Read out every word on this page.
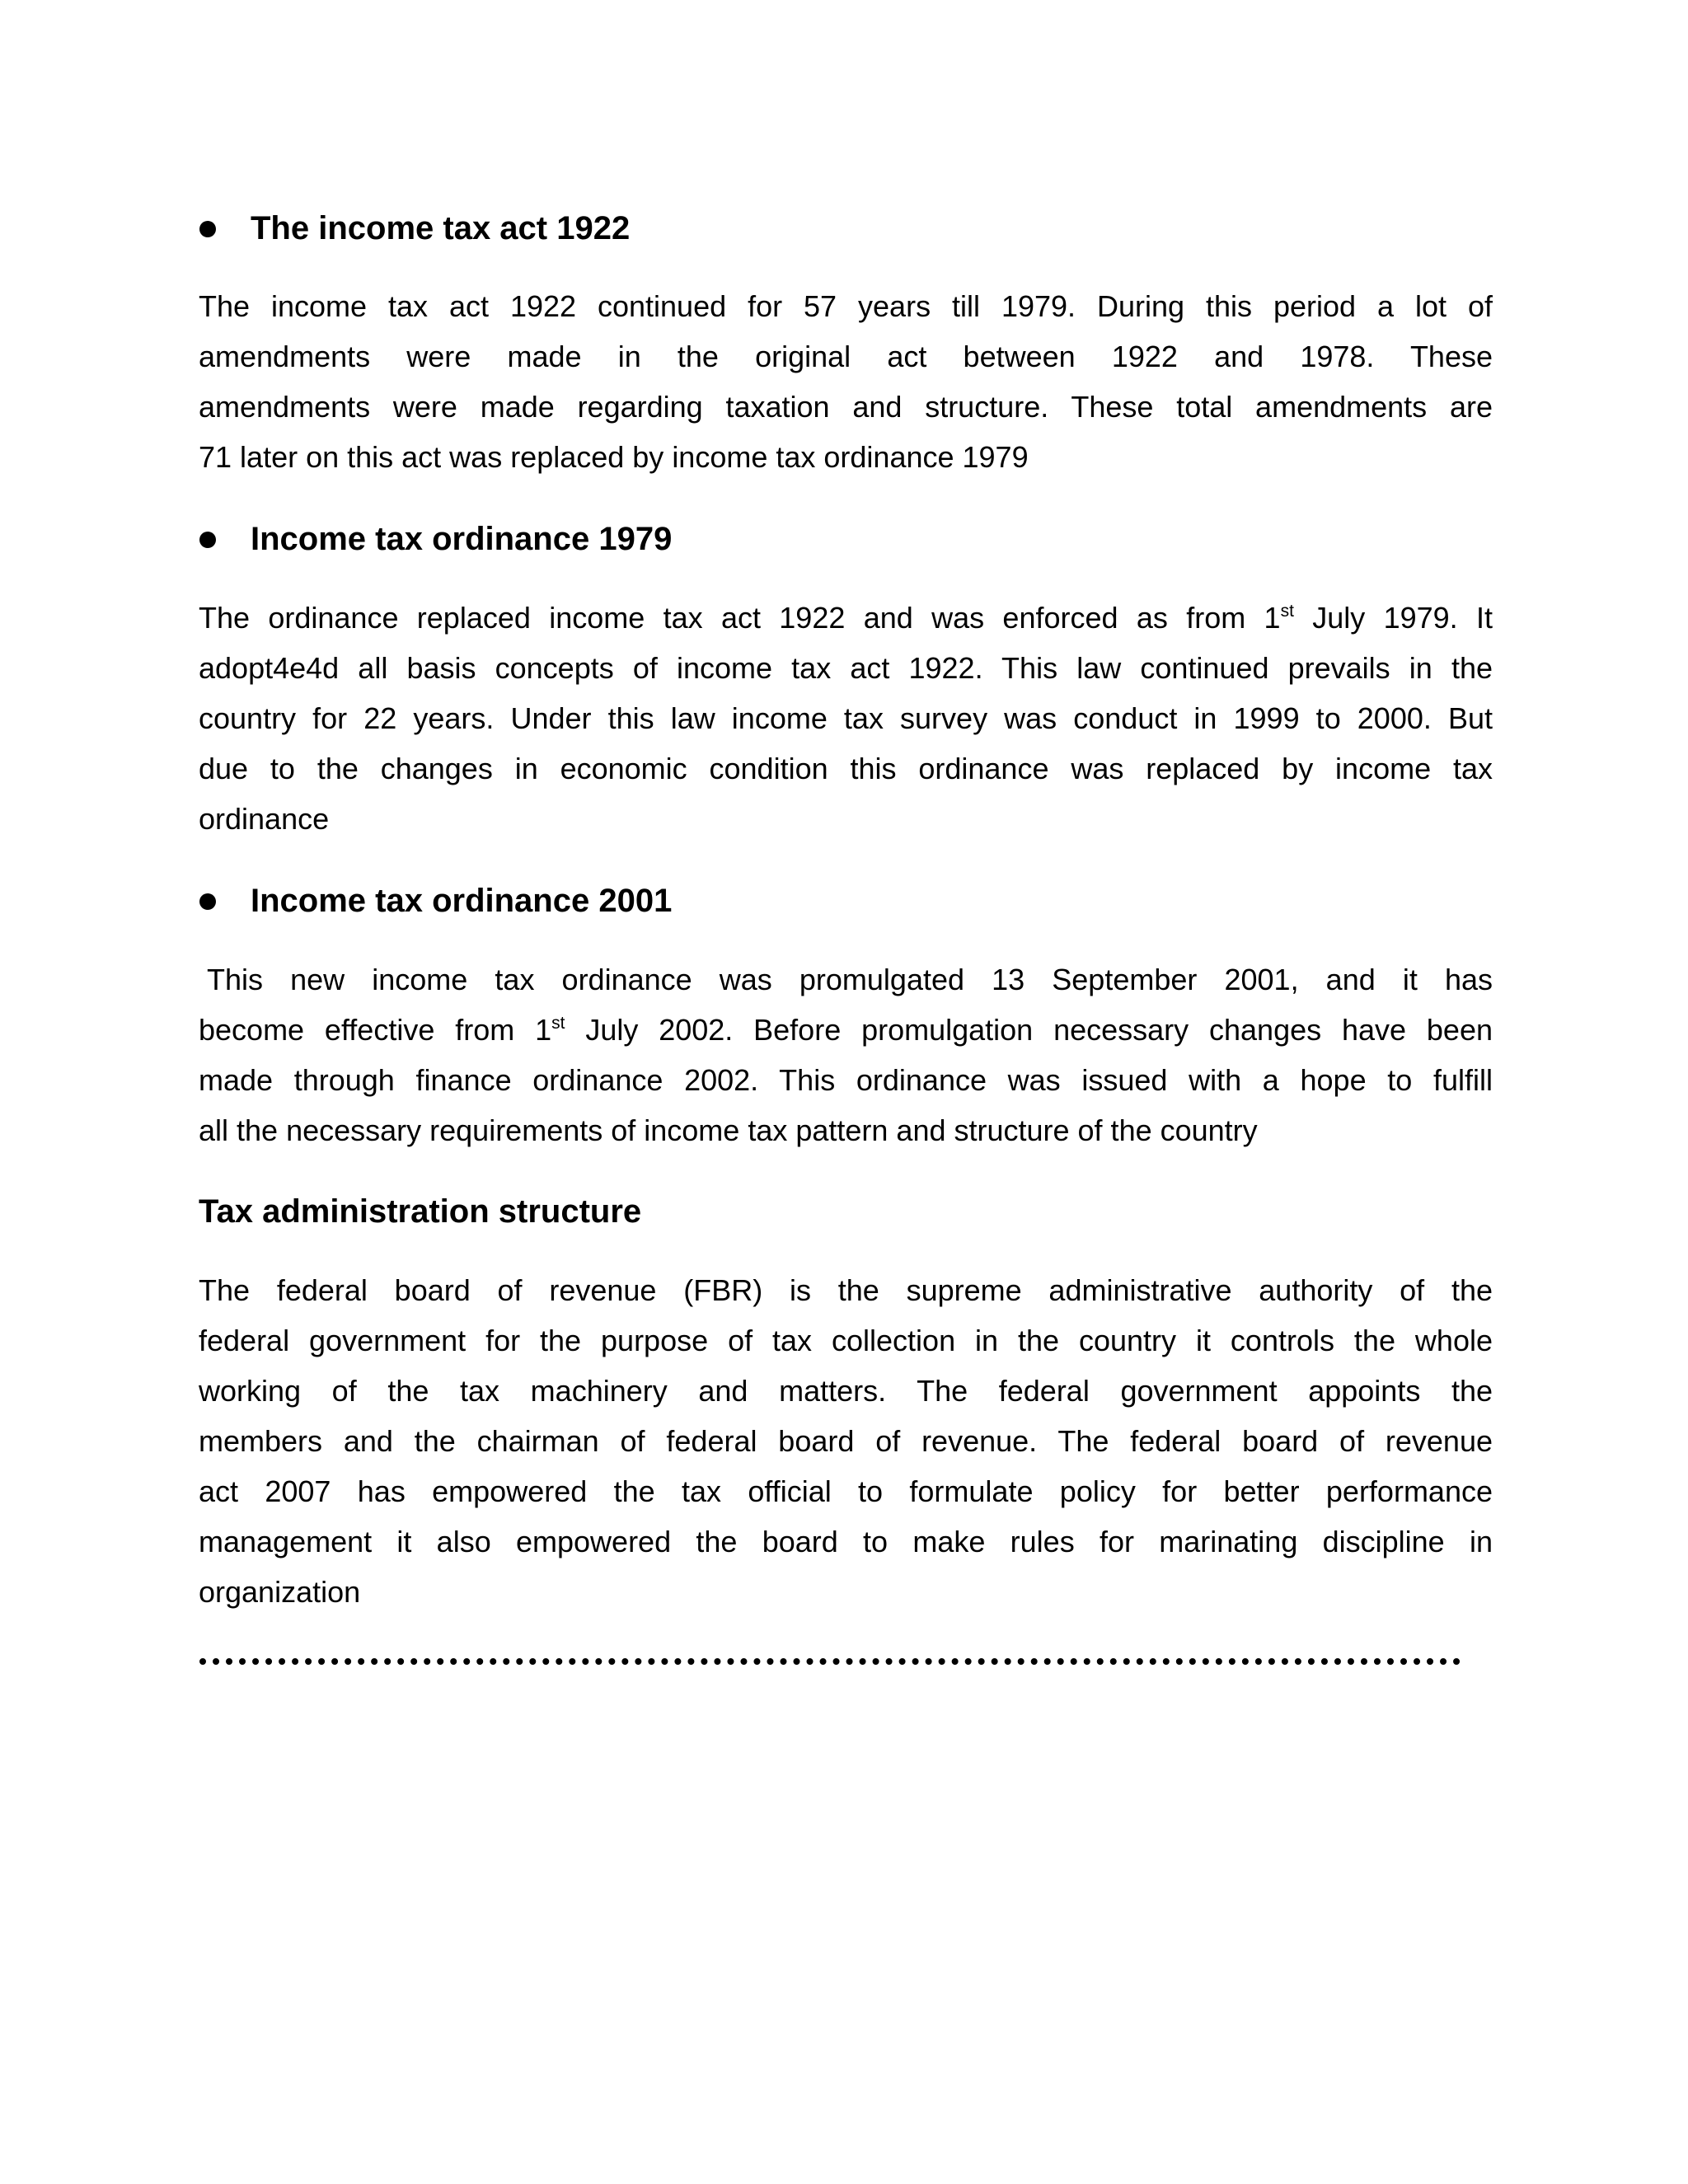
The income tax act 1922
The income tax act 1922 continued for 57 years till 1979. During this period a lot of
amendments were made in the original act between 1922 and 1978. These
amendments were made regarding taxation and structure. These total amendments are
71 later on this act was replaced by income tax ordinance 1979
Income tax ordinance 1979
The ordinance replaced income tax act 1922 and was enforced as from 1st July 1979. It
adopt4e4d all basis concepts of income tax act 1922. This law continued prevails in the
country for 22 years. Under this law income tax survey was conduct in 1999 to 2000. But
due to the changes in economic condition this ordinance was replaced by income tax
ordinance
Income tax ordinance 2001
This new income tax ordinance was promulgated 13 September 2001, and it has
become effective from 1st July 2002. Before promulgation necessary changes have been
made through finance ordinance 2002. This ordinance was issued with a hope to fulfill
all the necessary requirements of income tax pattern and structure of the country
Tax administration structure
The federal board of revenue (FBR) is the supreme administrative authority of the
federal government for the purpose of tax collection in the country it controls the whole
working of the tax machinery and matters. The federal government appoints the
members and the chairman of federal board of revenue. The federal board of revenue
act 2007 has empowered the tax official to formulate policy for better performance
management it also empowered the board to make rules for marinating discipline in
organization
